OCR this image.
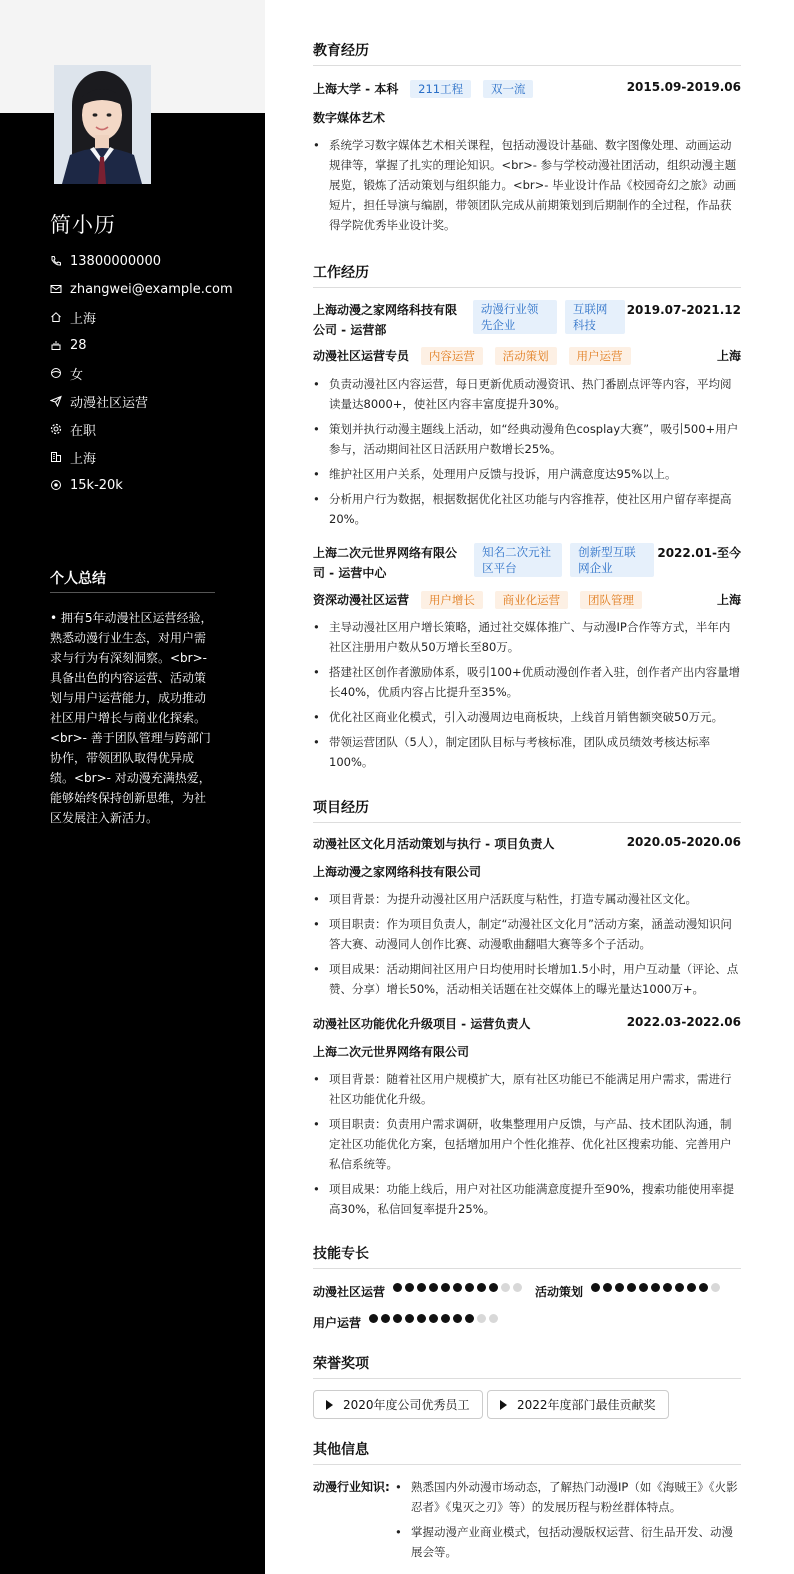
简小历
13800000000
zhangwei@example.com
上海
28
女
动漫社区运营
在职
上海
15k-20k
个人总结
• 拥有5年动漫社区运营经验，熟悉动漫行业生态，对用户需求与行为有深刻洞察。<br>- 具备出色的内容运营、活动策划与用户运营能力，成功推动社区用户增长与商业化探索。<br>- 善于团队管理与跨部门协作，带领团队取得优异成绩。<br>- 对动漫充满热爱，能够始终保持创新思维，为社区发展注入新活力。
教育经历
上海大学 - 本科 211工程 双一流	2015.09-2019.06
数字媒体艺术
• 系统学习数字媒体艺术相关课程，包括动漫设计基础、数字图像处理、动画运动规律等，掌握了扎实的理论知识。<br>- 参与学校动漫社团活动，组织动漫主题展览，锻炼了活动策划与组织能力。<br>- 毕业设计作品《校园奇幻之旅》动画短片，担任导演与编剧，带领团队完成从前期策划到后期制作的全过程，作品获得学院优秀毕业设计奖。
工作经历
上海动漫之家网络科技有限公司 - 运营部
动漫行业领先企业
互联网科技
2019.07-2021.12
动漫社区运营专员 内容运营 活动策划 用户运营	上海
• 负责动漫社区内容运营，每日更新优质动漫资讯、热门番剧点评等内容，平均阅读量达8000+，使社区内容丰富度提升30%。
• 策划并执行动漫主题线上活动，如“经典动漫角色cosplay大赛”，吸引500+用户参与，活动期间社区日活跃用户数增长25%。
• 维护社区用户关系，处理用户反馈与投诉，用户满意度达95%以上。
• 分析用户行为数据，根据数据优化社区功能与内容推荐，使社区用户留存率提高20%。
上海二次元世界网络有限公司 - 运营中心
知名二次元社区平台
创新型互联网企业
2022.01-至今
资深动漫社区运营 用户增长 商业化运营 团队管理	上海
• 主导动漫社区用户增长策略，通过社交媒体推广、与动漫IP合作等方式，半年内社区注册用户数从50万增长至80万。
• 搭建社区创作者激励体系，吸引100+优质动漫创作者入驻，创作者产出内容量增长40%，优质内容占比提升至35%。
• 优化社区商业化模式，引入动漫周边电商板块，上线首月销售额突破50万元。
• 带领运营团队（5人），制定团队目标与考核标准，团队成员绩效考核达标率100%。
项目经历
动漫社区文化月活动策划与执行 - 项目负责人	2020.05-2020.06
上海动漫之家网络科技有限公司
• 项目背景：为提升动漫社区用户活跃度与粘性，打造专属动漫社区文化。
• 项目职责：作为项目负责人，制定“动漫社区文化月”活动方案，涵盖动漫知识问答大赛、动漫同人创作比赛、动漫歌曲翻唱大赛等多个子活动。
• 项目成果：活动期间社区用户日均使用时长增加1.5小时，用户互动量（评论、点赞、分享）增长50%，活动相关话题在社交媒体上的曝光量达1000万+。
动漫社区功能优化升级项目 - 运营负责人	2022.03-2022.06
上海二次元世界网络有限公司
• 项目背景：随着社区用户规模扩大，原有社区功能已不能满足用户需求，需进行社区功能优化升级。
• 项目职责：负责用户需求调研，收集整理用户反馈，与产品、技术团队沟通，制定社区功能优化方案，包括增加用户个性化推荐、优化社区搜索功能、完善用户私信系统等。
• 项目成果：功能上线后，用户对社区功能满意度提升至90%，搜索功能使用率提高30%，私信回复率提升25%。
技能专长
动漫社区运营	活动策划
用户运营
荣誉奖项
2020年度公司优秀员工	2022年度部门最佳贡献奖
其他信息
动漫行业知识:
•	熟悉国内外动漫市场动态，了解热门动漫IP（如《海贼王》《火影忍者》《鬼灭之刃》等）的发展历程与粉丝群体特点。
• 掌握动漫产业商业模式，包括动漫版权运营、衍生品开发、动漫展会等。
